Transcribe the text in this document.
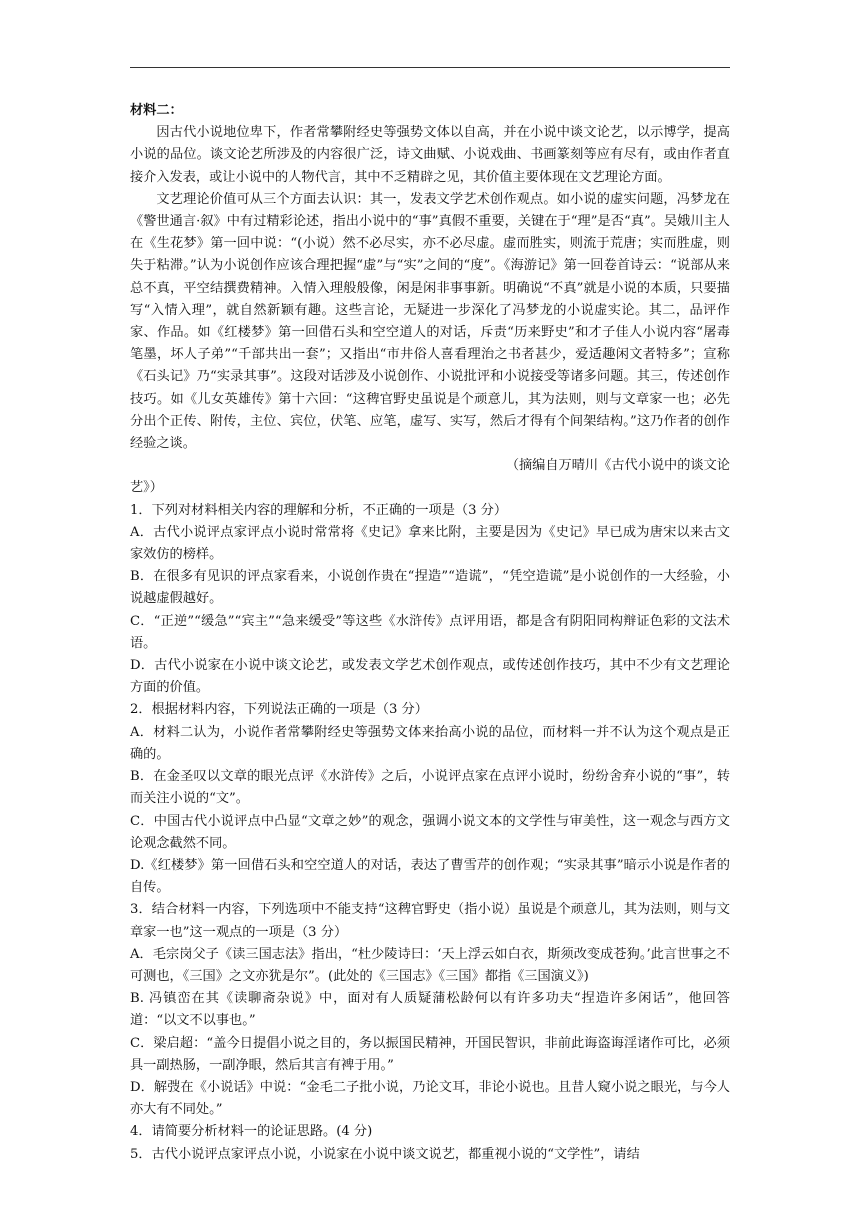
材料二：

因古代小说地位卑下，作者常攀附经史等强势文体以自高，并在小说中谈文论艺，以示博学，提高小说的品位。谈文论艺所涉及的内容很广泛，诗文曲赋、小说戏曲、书画篆刻等应有尽有，或由作者直接介入发表，或让小说中的人物代言，其中不乏精辟之见，其价值主要体现在文艺理论方面。

文艺理论价值可从三个方面去认识：其一，发表文学艺术创作观点。如小说的虚实问题，冯梦龙在《警世通言·叙》中有过精彩论述，指出小说中的“事”真假不重要，关键在于“理”是否“真”。吴娥川主人在《生花梦》第一回中说：“(小说）然不必尽实，亦不必尽虚。虚而胜实，则流于荒唐；实而胜虚，则失于粘滞。”认为小说创作应该合理把握“虚”与“实”之间的“度”。《海游记》第一回卷首诗云：“说部从来总不真，平空结撰费精神。入情入理般般像，闲是闲非事事新。明确说“不真”就是小说的本质，只要描写“入情入理”，就自然新颖有趣。这些言论，无疑进一步深化了冯梦龙的小说虚实论。其二，品评作家、作品。如《红楼梦》第一回借石头和空空道人的对话，斥责“历来野史”和才子佳人小说内容“屠毒笔墨，坏人子弟”“千部共出一套”；又指出“市井俗人喜看理治之书者甚少，爱适趣闲文者特多”；宣称《石头记》乃“实录其事”。这段对话涉及小说创作、小说批评和小说接受等诸多问题。其三，传述创作技巧。如《儿女英雄传》第十六回：“这稗官野史虽说是个顽意儿，其为法则，则与文章家一也；必先分出个正传、附传，主位、宾位，伏笔、应笔，虚写、实写，然后才得有个间架结构。”这乃作者的创作经验之谈。

（摘编自万晴川《古代小说中的谈文论

艺》）

1．下列对材料相关内容的理解和分析，不正确的一项是（3 分）

A．古代小说评点家评点小说时常常将《史记》拿来比附，主要是因为《史记》早已成为唐宋以来古文家效仿的榜样。

B．在很多有见识的评点家看来，小说创作贵在“捏造”“造谎”，“凭空造谎”是小说创作的一大经验，小说越虚假越好。

C．“正逆”“缓急”“宾主”“急来缓受”等这些《水浒传》点评用语，都是含有阴阳同构辩证色彩的文法术语。

D．古代小说家在小说中谈文论艺，或发表文学艺术创作观点，或传述创作技巧，其中不少有文艺理论方面的价值。

2．根据材料内容，下列说法正确的一项是（3 分）

A．材料二认为，小说作者常攀附经史等强势文体来抬高小说的品位，而材料一并不认为这个观点是正确的。

B．在金圣叹以文章的眼光点评《水浒传》之后，小说评点家在点评小说时，纷纷舍弃小说的“事”，转而关注小说的“文”。

C．中国古代小说评点中凸显“文章之妙”的观念，强调小说文本的文学性与审美性，这一观念与西方文论观念截然不同。

D.《红楼梦》第一回借石头和空空道人的对话，表达了曹雪芹的创作观；“实录其事”暗示小说是作者的自传。

3．结合材料一内容，下列选项中不能支持“这稗官野史（指小说）虽说是个顽意儿，其为法则，则与文章家一也”这一观点的一项是（3 分）

A．毛宗岗父子《读三国志法》指出，“杜少陵诗曰：‘天上浮云如白衣，斯须改变成苍狗。’此言世事之不可测也，《三国》之文亦犹是尔”。(此处的《三国志》《三国》都指《三国演义》)

B. 冯镇峦在其《读聊斋杂说》中，面对有人质疑蒲松龄何以有许多功夫“捏造许多闲话”，他回答道：“以文不以事也。”

C．梁启超：“盖今日提倡小说之目的，务以振国民精神，开国民智识，非前此诲盗诲淫诸作可比，必须具一副热肠，一副净眼，然后其言有裨于用。”

D．解弢在《小说话》中说：“金毛二子批小说，乃论文耳，非论小说也。且昔人窥小说之眼光，与今人亦大有不同处。”

4．请简要分析材料一的论证思路。(4 分)

5．古代小说评点家评点小说，小说家在小说中谈文说艺，都重视小说的“文学性”，请结
